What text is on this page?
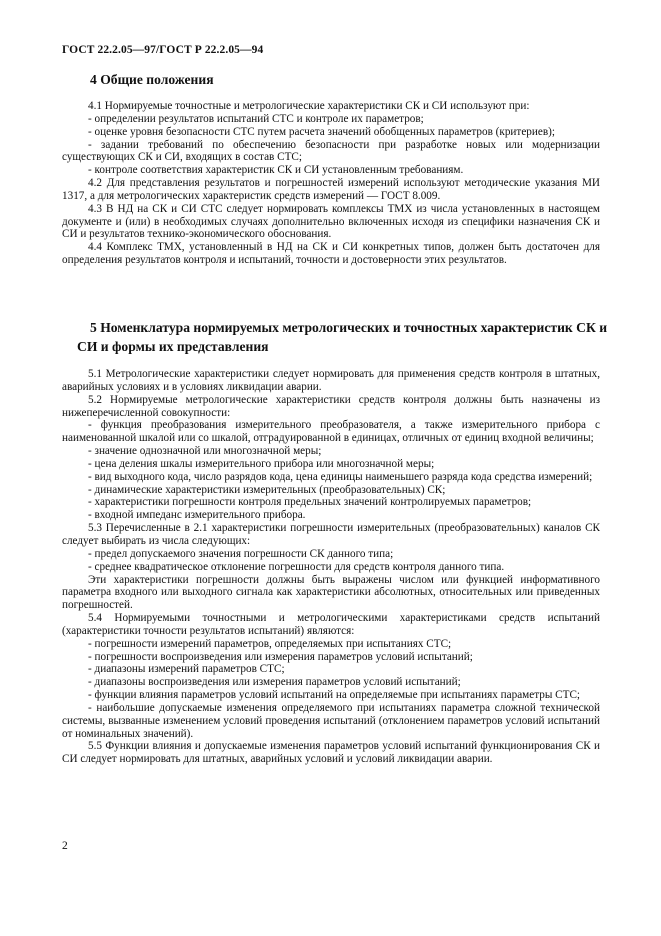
ГОСТ 22.2.05—97/ГОСТ Р 22.2.05—94
4 Общие положения

4.1 Нормируемые точностные и метрологические характеристики СК и СИ используют при:

- определении результатов испытаний СТС и контроле их параметров;

- оценке уровня безопасности СТС путем расчета значений обобщенных параметров (критериев);

- задании требований по обеспечению безопасности при разработке новых или модернизации существующих СК и СИ, входящих в состав СТС;

- контроле соответствия характеристик СК и СИ установленным требованиям.

4.2 Для представления результатов и погрешностей измерений используют методические указания МИ 1317, а для метрологических характеристик средств измерений — ГОСТ 8.009.

4.3 В НД на СК и СИ СТС следует нормировать комплексы ТМХ из числа установленных в настоящем документе и (или) в необходимых случаях дополнительно включенных исходя из специфики назначения СК и СИ и результатов технико-экономического обоснования.

4.4 Комплекс ТМХ, установленный в НД на СК и СИ конкретных типов, должен быть достаточен для определения результатов контроля и испытаний, точности и достоверности этих результатов.

5 Номенклатура нормируемых метрологических и точностных характеристик СК и СИ и формы их представления

5.1 Метрологические характеристики следует нормировать для применения средств контроля в штатных, аварийных условиях и в условиях ликвидации аварии.

5.2 Нормируемые метрологические характеристики средств контроля должны быть назначены из нижеперечисленной совокупности:

- функция преобразования измерительного преобразователя, а также измерительного прибора с наименованной шкалой или со шкалой, отградуированной в единицах, отличных от единиц входной величины;

- значение однозначной или многозначной меры;

- цена деления шкалы измерительного прибора или многозначной меры;

- вид выходного кода, число разрядов кода, цена единицы наименьшего разряда кода средства измерений;

- динамические характеристики измерительных (преобразовательных) СК;

- характеристики погрешности контроля предельных значений контролируемых параметров;

- входной импеданс измерительного прибора.

5.3 Перечисленные в 2.1 характеристики погрешности измерительных (преобразовательных) каналов СК следует выбирать из числа следующих:

- предел допускаемого значения погрешности СК данного типа;

- среднее квадратическое отклонение погрешности для средств контроля данного типа.

Эти характеристики погрешности должны быть выражены числом или функцией информативного параметра входного или выходного сигнала как характеристики абсолютных, относительных или приведенных погрешностей.

5.4 Нормируемыми точностными и метрологическими характеристиками средств испытаний (характеристики точности результатов испытаний) являются:

- погрешности измерений параметров, определяемых при испытаниях СТС;

- погрешности воспроизведения или измерения параметров условий испытаний;

- диапазоны измерений параметров СТС;

- диапазоны воспроизведения или измерения параметров условий испытаний;

- функции влияния параметров условий испытаний на определяемые при испытаниях параметры СТС;

- наибольшие допускаемые изменения определяемого при испытаниях параметра сложной технической системы, вызванные изменением условий проведения испытаний (отклонением параметров условий испытаний от номинальных значений).

5.5 Функции влияния и допускаемые изменения параметров условий испытаний функционирования СК и СИ следует нормировать для штатных, аварийных условий и условий ликвидации аварии.

2
